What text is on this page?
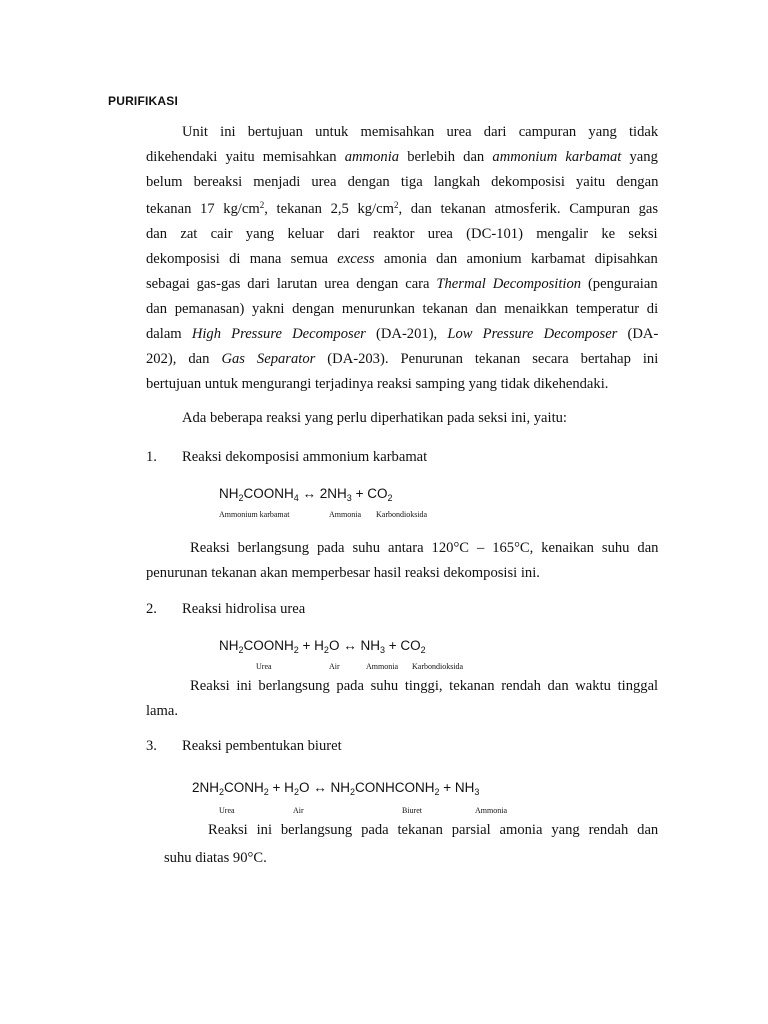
PURIFIKASI
Unit ini bertujuan untuk memisahkan urea dari campuran yang tidak
dikehendaki yaitu memisahkan ammonia berlebih dan ammonium karbamat yang
belum bereaksi menjadi urea dengan tiga langkah dekomposisi yaitu dengan
tekanan 17 $kg/cm^2$, tekanan 2,5 $kg/cm^2$, dan tekanan atmosferik. Campuran gas
dan zat cair yang keluar dari reaktor urea (DC-101) mengalir ke seksi
dekomposisi di mana semua excess amonia dan amonium karbamat dipisahkan
sebagai gas-gas dari larutan urea dengan cara Thermal Decomposition (penguraian
dan pemanasan) yakni dengan menurunkan tekanan dan menaikkan temperatur di
dalam High Pressure Decomposer (DA-201), Low Pressure Decomposer (DA-
202), dan Gas Separator (DA-203). Penurunan tekanan secara bertahap ini
bertujuan untuk mengurangi terjadinya reaksi samping yang tidak dikehendaki.
Ada beberapa reaksi yang perlu diperhatikan pada seksi ini, yaitu:
1. Reaksi dekomposisi ammonium karbamat
$NH_2COONH_4$ ↔ $2NH_3 + CO_2$
Ammonium karbamat	Ammonia Karbondioksida
Reaksi berlangsung pada suhu antara 120°C – 165°C, kenaikan suhu dan
penurunan tekanan akan memperbesar hasil reaksi dekomposisi ini.
2. Reaksi hidrolisa urea
$NH_2COONH_2 + H_2O$ ↔ $NH_3 + CO_2$
Urea	Air	Ammonia Karbondioksida
Reaksi ini berlangsung pada suhu tinggi, tekanan rendah dan waktu tinggal
lama.
3. Reaksi pembentukan biuret
$2NH_2CONH_2 + H_2O$ ↔ $NH_2CONHCONH_2 + NH_3$
Urea	Air	Biuret	Ammonia
Reaksi ini berlangsung pada tekanan parsial amonia yang rendah dan
suhu diatas 90°C.
